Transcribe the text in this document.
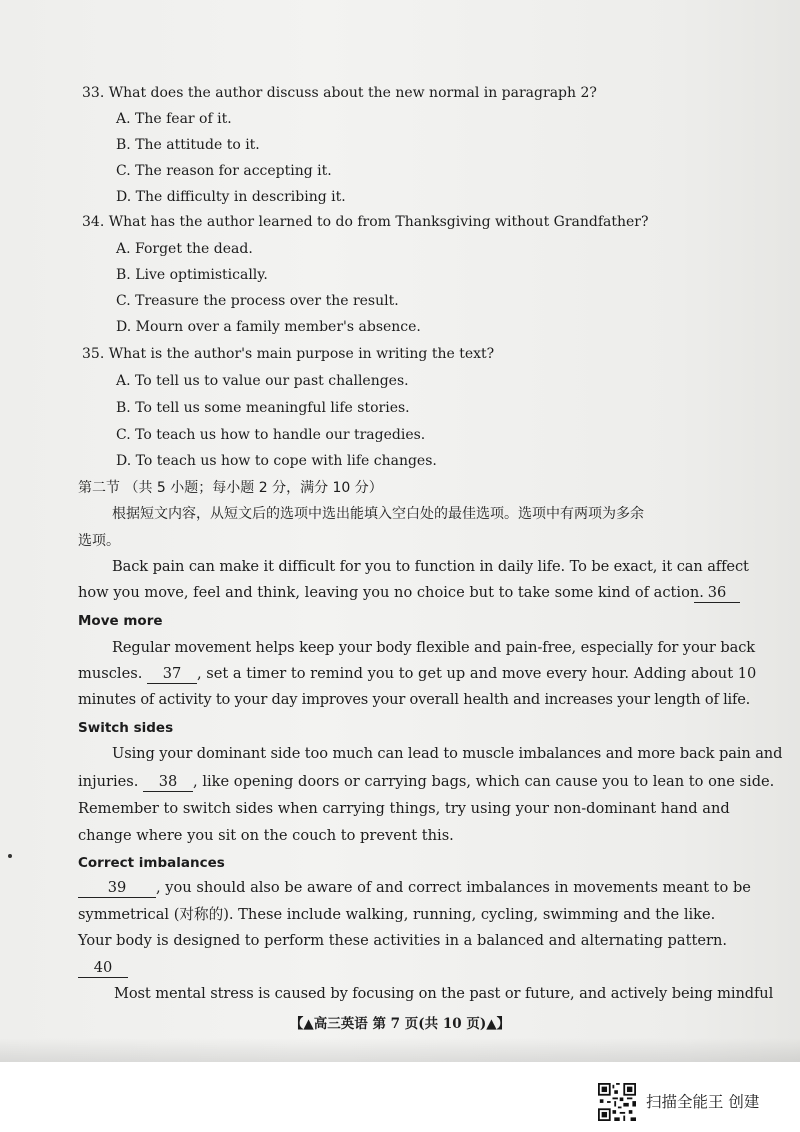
33. What does the author discuss about the new normal in paragraph 2?
A. The fear of it.
B. The attitude to it.
C. The reason for accepting it.
D. The difficulty in describing it.
34. What has the author learned to do from Thanksgiving without Grandfather?
A. Forget the dead.
B. Live optimistically.
C. Treasure the process over the result.
D. Mourn over a family member's absence.
35. What is the author's main purpose in writing the text?
A. To tell us to value our past challenges.
B. To tell us some meaningful life stories.
C. To teach us how to handle our tragedies.
D. To teach us how to cope with life changes.
第二节 （共 5 小题；每小题 2 分，满分 10 分）
根据短文内容，从短文后的选项中选出能填入空白处的最佳选项。选项中有两项为多余
选项。
Back pain can make it difficult for you to function in daily life. To be exact, it can affect
how you move, feel and think, leaving you no choice but to take some kind of action. 36
Move more
Regular movement helps keep your body flexible and pain-free, especially for your back
muscles. 37 , set a timer to remind you to get up and move every hour. Adding about 10
minutes of activity to your day improves your overall health and increases your length of life.
Switch sides
Using your dominant side too much can lead to muscle imbalances and more back pain and
injuries. 38 , like opening doors or carrying bags, which can cause you to lean to one side.
Remember to switch sides when carrying things, try using your non-dominant hand and
change where you sit on the couch to prevent this.
Correct imbalances
39 , you should also be aware of and correct imbalances in movements meant to be
symmetrical (对称的). These include walking, running, cycling, swimming and the like.
Your body is designed to perform these activities in a balanced and alternating pattern.
40
Most mental stress is caused by focusing on the past or future, and actively being mindful
【▲高三英语 第 7 页(共 10 页)▲】
扫描全能王 创建
